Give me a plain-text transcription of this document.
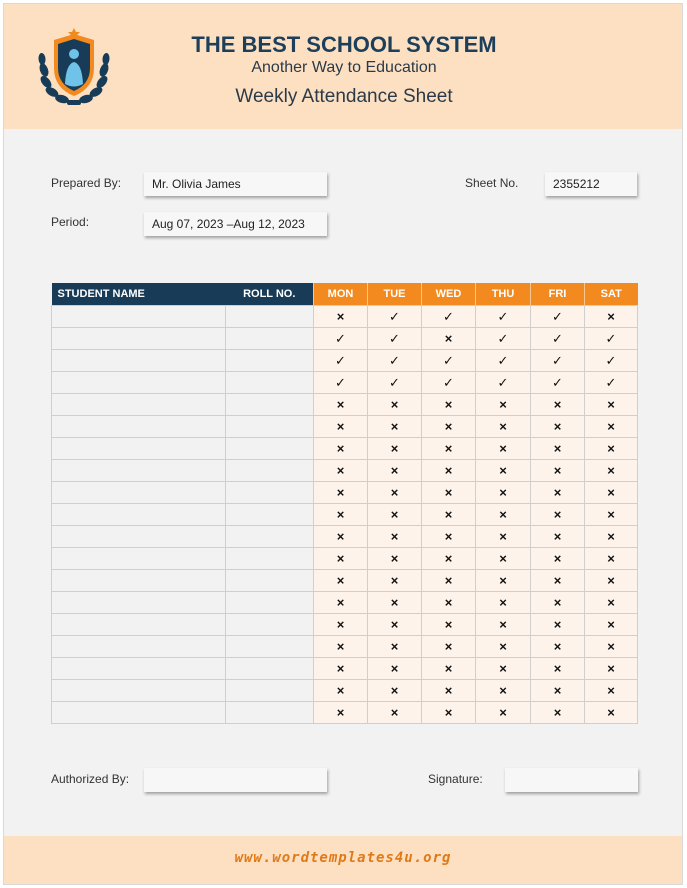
THE BEST SCHOOL SYSTEM
Another Way to Education
Weekly Attendance Sheet
Prepared By:	Mr. Olivia James	Sheet No.	2355212
Period:	Aug 07, 2023 –Aug 12, 2023
STUDENT NAME	ROLL NO.	MON	TUE	WED	THU	FRI	SAT
		×	✓	✓	✓	✓	×
		✓	✓	×	✓	✓	✓
		✓	✓	✓	✓	✓	✓
		✓	✓	✓	✓	✓	✓
		×	×	×	×	×	×
		×	×	×	×	×	×
		×	×	×	×	×	×
		×	×	×	×	×	×
		×	×	×	×	×	×
		×	×	×	×	×	×
		×	×	×	×	×	×
		×	×	×	×	×	×
		×	×	×	×	×	×
		×	×	×	×	×	×
		×	×	×	×	×	×
		×	×	×	×	×	×
		×	×	×	×	×	×
		×	×	×	×	×	×
		×	×	×	×	×	×
Authorized By:	Signature:
www.wordtemplates4u.org
